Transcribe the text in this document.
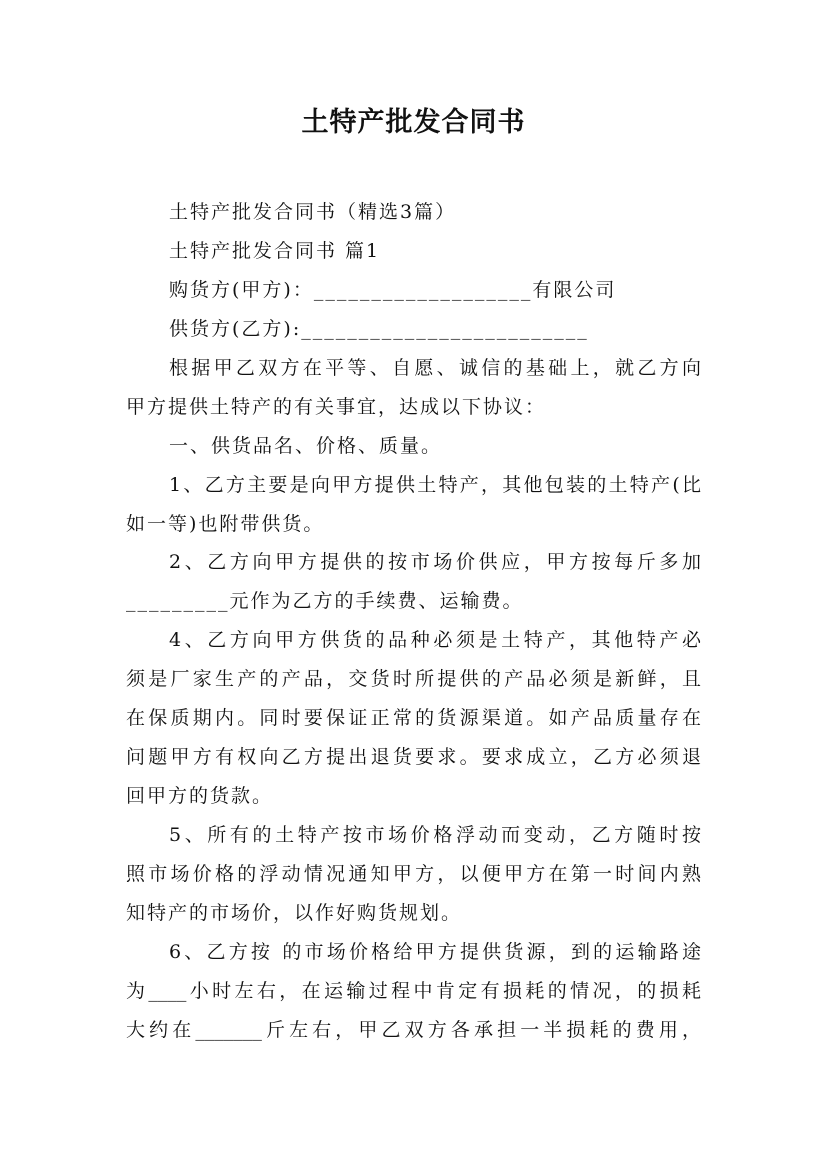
土特产批发合同书

土特产批发合同书（精选3篇）

土特产批发合同书 篇1

购货方(甲方)：___________________有限公司

供货方(乙方):_________________________

根据甲乙双方在平等、自愿、诚信的基础上，就乙方向

甲方提供土特产的有关事宜，达成以下协议：

一、供货品名、价格、质量。

1、乙方主要是向甲方提供土特产，其他包装的土特产(比

如一等)也附带供货。

2、乙方向甲方提供的按市场价供应，甲方按每斤多加

_________元作为乙方的手续费、运输费。

4、乙方向甲方供货的品种必须是土特产，其他特产必

须是厂家生产的产品，交货时所提供的产品必须是新鲜，且

在保质期内。同时要保证正常的货源渠道。如产品质量存在

问题甲方有权向乙方提出退货要求。要求成立，乙方必须退

回甲方的货款。

5、所有的土特产按市场价格浮动而变动，乙方随时按

照市场价格的浮动情况通知甲方，以便甲方在第一时间内熟

知特产的市场价，以作好购货规划。

6、乙方按 的市场价格给甲方提供货源，到的运输路途

为____小时左右，在运输过程中肯定有损耗的情况，的损耗

大约在_______斤左右，甲乙双方各承担一半损耗的费用，
